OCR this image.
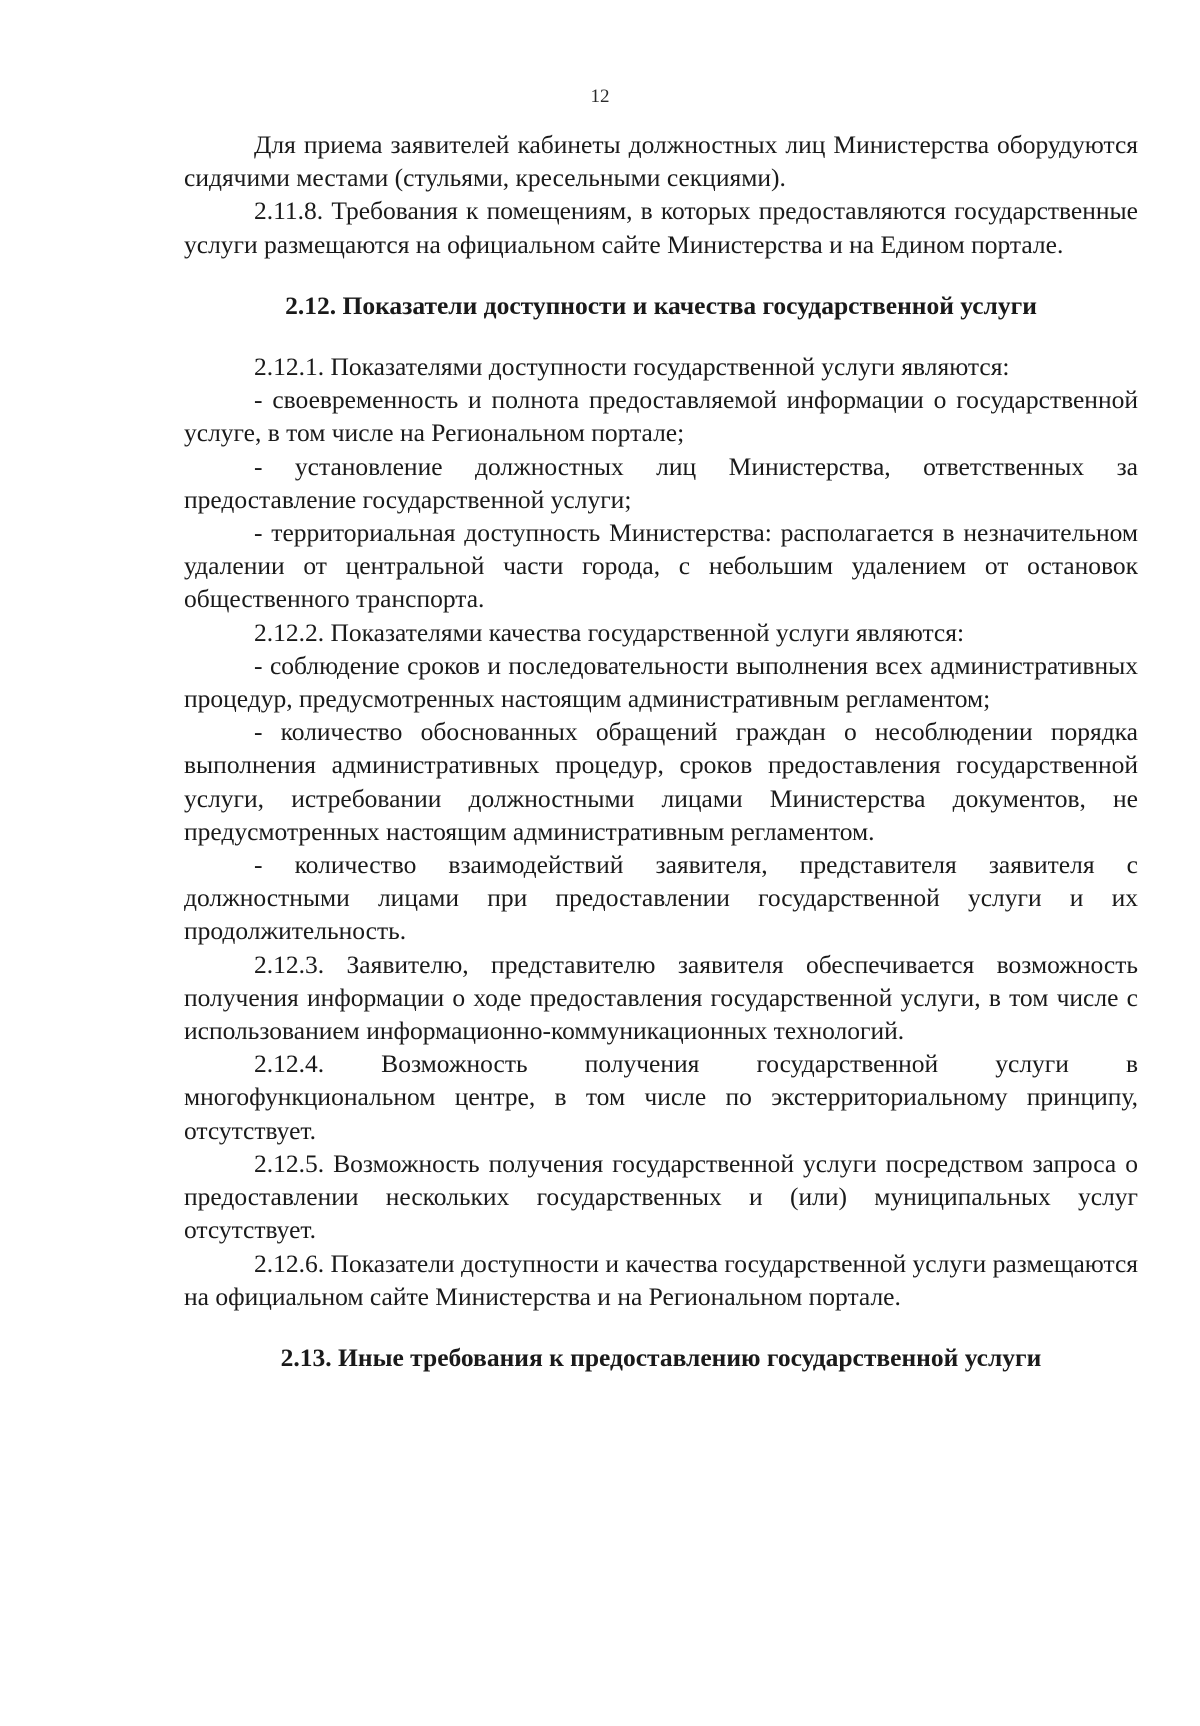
12

Для приема заявителей кабинеты должностных лиц Министерства оборудуются сидячими местами (стульями, кресельными секциями).

2.11.8. Требования к помещениям, в которых предоставляются государственные услуги размещаются на официальном сайте Министерства и на Едином портале.

2.12. Показатели доступности и качества государственной услуги

2.12.1. Показателями доступности государственной услуги являются:

- своевременность и полнота предоставляемой информации о государственной услуге, в том числе на Региональном портале;

- установление должностных лиц Министерства, ответственных за предоставление государственной услуги;

- территориальная доступность Министерства: располагается в незначительном удалении от центральной части города, с небольшим удалением от остановок общественного транспорта.

2.12.2. Показателями качества государственной услуги являются:

- соблюдение сроков и последовательности выполнения всех административных процедур, предусмотренных настоящим административным регламентом;

- количество обоснованных обращений граждан о несоблюдении порядка выполнения административных процедур, сроков предоставления государственной услуги, истребовании должностными лицами Министерства документов, не предусмотренных настоящим административным регламентом.

- количество взаимодействий заявителя, представителя заявителя с должностными лицами при предоставлении государственной услуги и их продолжительность.

2.12.3. Заявителю, представителю заявителя обеспечивается возможность получения информации о ходе предоставления государственной услуги, в том числе с использованием информационно-коммуникационных технологий.

2.12.4. Возможность получения государственной услуги в многофункциональном центре, в том числе по экстерриториальному принципу, отсутствует.

2.12.5. Возможность получения государственной услуги посредством запроса о предоставлении нескольких государственных и (или) муниципальных услуг отсутствует.

2.12.6. Показатели доступности и качества государственной услуги размещаются на официальном сайте Министерства и на Региональном портале.

2.13. Иные требования к предоставлению государственной услуги
